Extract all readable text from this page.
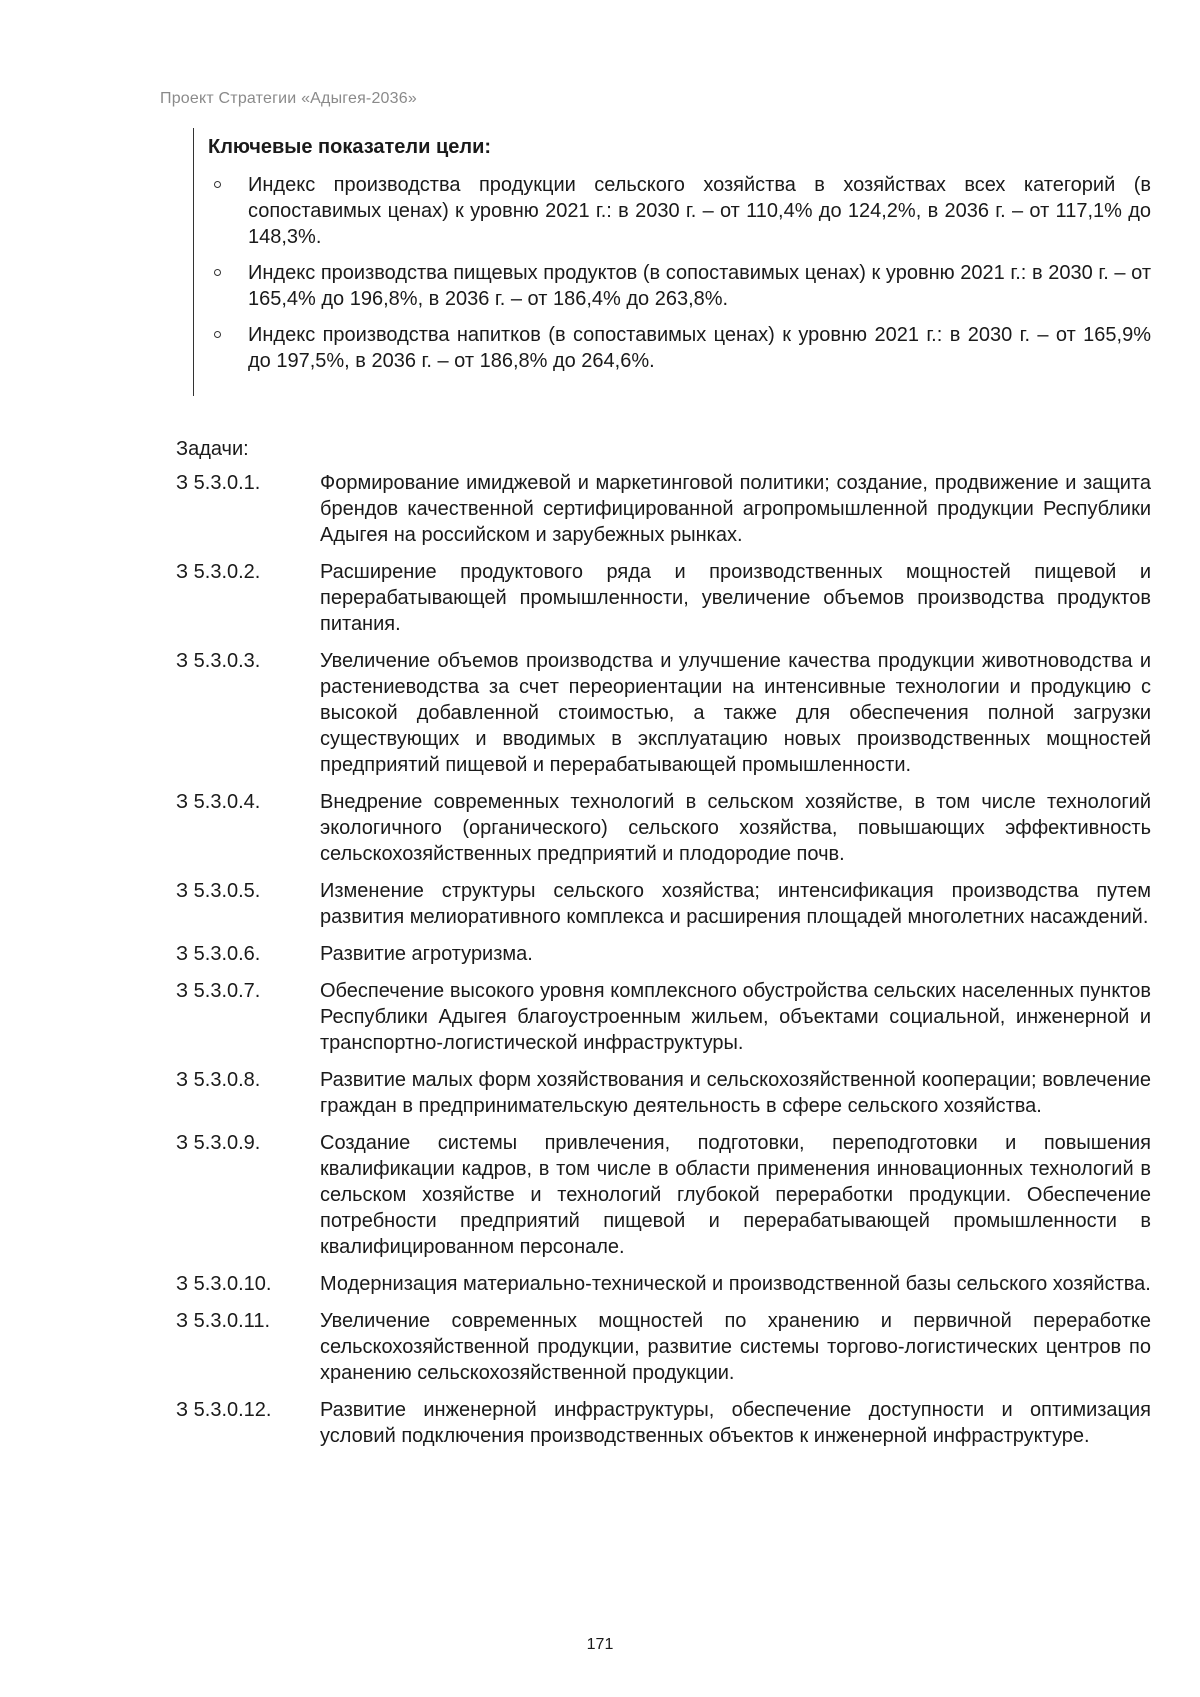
Проект Стратегии «Адыгея-2036»
Ключевые показатели цели:
Индекс производства продукции сельского хозяйства в хозяйствах всех категорий (в сопоставимых ценах) к уровню 2021 г.: в 2030 г. – от 110,4% до 124,2%, в 2036 г. – от 117,1% до 148,3%.
Индекс производства пищевых продуктов (в сопоставимых ценах) к уровню 2021 г.: в 2030 г. – от 165,4% до 196,8%, в 2036 г. – от 186,4% до 263,8%.
Индекс производства напитков (в сопоставимых ценах) к уровню 2021 г.: в 2030 г. – от 165,9% до 197,5%, в 2036 г. – от 186,8% до 264,6%.
Задачи:
З 5.3.0.1.	Формирование имиджевой и маркетинговой политики; создание, продвижение и защита брендов качественной сертифицированной агропромышленной продукции Республики Адыгея на российском и зарубежных рынках.
З 5.3.0.2.	Расширение продуктового ряда и производственных мощностей пищевой и перерабатывающей промышленности, увеличение объемов производства продуктов питания.
З 5.3.0.3.	Увеличение объемов производства и улучшение качества продукции животноводства и растениеводства за счет переориентации на интенсивные технологии и продукцию с высокой добавленной стоимостью, а также для обеспечения полной загрузки существующих и вводимых в эксплуатацию новых производственных мощностей предприятий пищевой и перерабатывающей промышленности.
З 5.3.0.4.	Внедрение современных технологий в сельском хозяйстве, в том числе технологий экологичного (органического) сельского хозяйства, повышающих эффективность сельскохозяйственных предприятий и плодородие почв.
З 5.3.0.5.	Изменение структуры сельского хозяйства; интенсификация производства путем развития мелиоративного комплекса и расширения площадей многолетних насаждений.
З 5.3.0.6.	Развитие агротуризма.
З 5.3.0.7.	Обеспечение высокого уровня комплексного обустройства сельских населенных пунктов Республики Адыгея благоустроенным жильем, объектами социальной, инженерной и транспортно-логистической инфраструктуры.
З 5.3.0.8.	Развитие малых форм хозяйствования и сельскохозяйственной кооперации; вовлечение граждан в предпринимательскую деятельность в сфере сельского хозяйства.
З 5.3.0.9.	Создание системы привлечения, подготовки, переподготовки и повышения квалификации кадров, в том числе в области применения инновационных технологий в сельском хозяйстве и технологий глубокой переработки продукции. Обеспечение потребности предприятий пищевой и перерабатывающей промышленности в квалифицированном персонале.
З 5.3.0.10.	Модернизация материально-технической и производственной базы сельского хозяйства.
З 5.3.0.11.	Увеличение современных мощностей по хранению и первичной переработке сельскохозяйственной продукции, развитие системы торгово-логистических центров по хранению сельскохозяйственной продукции.
З 5.3.0.12.	Развитие инженерной инфраструктуры, обеспечение доступности и оптимизация условий подключения производственных объектов к инженерной инфраструктуре.
171
